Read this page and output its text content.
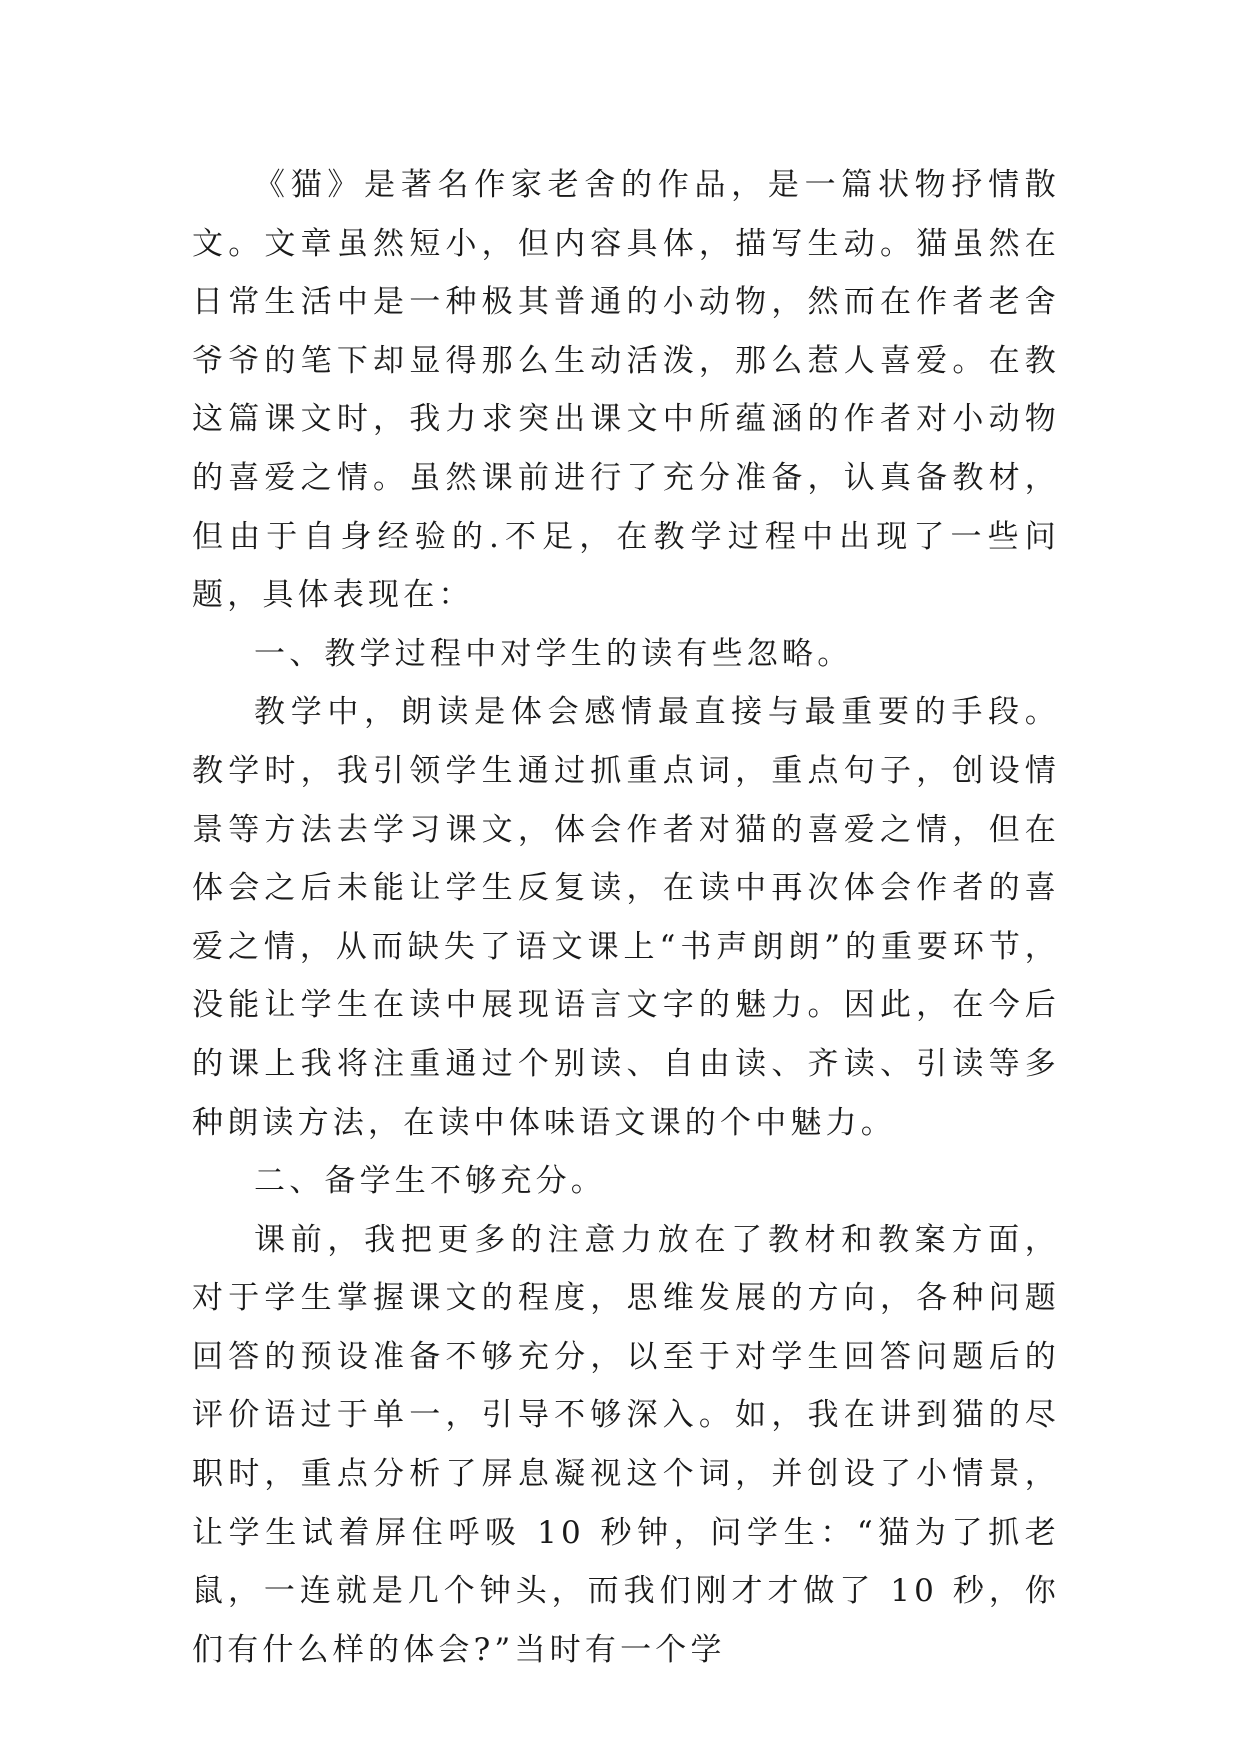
《猫》是著名作家老舍的作品，是一篇状物抒情散文。文章虽然短小，但内容具体，描写生动。猫虽然在日常生活中是一种极其普通的小动物，然而在作者老舍爷爷的笔下却显得那么生动活泼，那么惹人喜爱。在教这篇课文时，我力求突出课文中所蕴涵的作者对小动物的喜爱之情。虽然课前进行了充分准备，认真备教材，但由于自身经验的.不足，在教学过程中出现了一些问题，具体表现在：

一、教学过程中对学生的读有些忽略。

教学中，朗读是体会感情最直接与最重要的手段。教学时，我引领学生通过抓重点词，重点句子，创设情景等方法去学习课文，体会作者对猫的喜爱之情，但在体会之后未能让学生反复读，在读中再次体会作者的喜爱之情，从而缺失了语文课上“书声朗朗”的重要环节，没能让学生在读中展现语言文字的魅力。因此，在今后的课上我将注重通过个别读、自由读、齐读、引读等多种朗读方法，在读中体味语文课的个中魅力。

二、备学生不够充分。

课前，我把更多的注意力放在了教材和教案方面，对于学生掌握课文的程度，思维发展的方向，各种问题回答的预设准备不够充分，以至于对学生回答问题后的评价语过于单一，引导不够深入。如，我在讲到猫的尽职时，重点分析了屏息凝视这个词，并创设了小情景，让学生试着屏住呼吸 10 秒钟，问学生：“猫为了抓老鼠，一连就是几个钟头，而我们刚才才做了 10 秒，你们有什么样的体会?”当时有一个学
